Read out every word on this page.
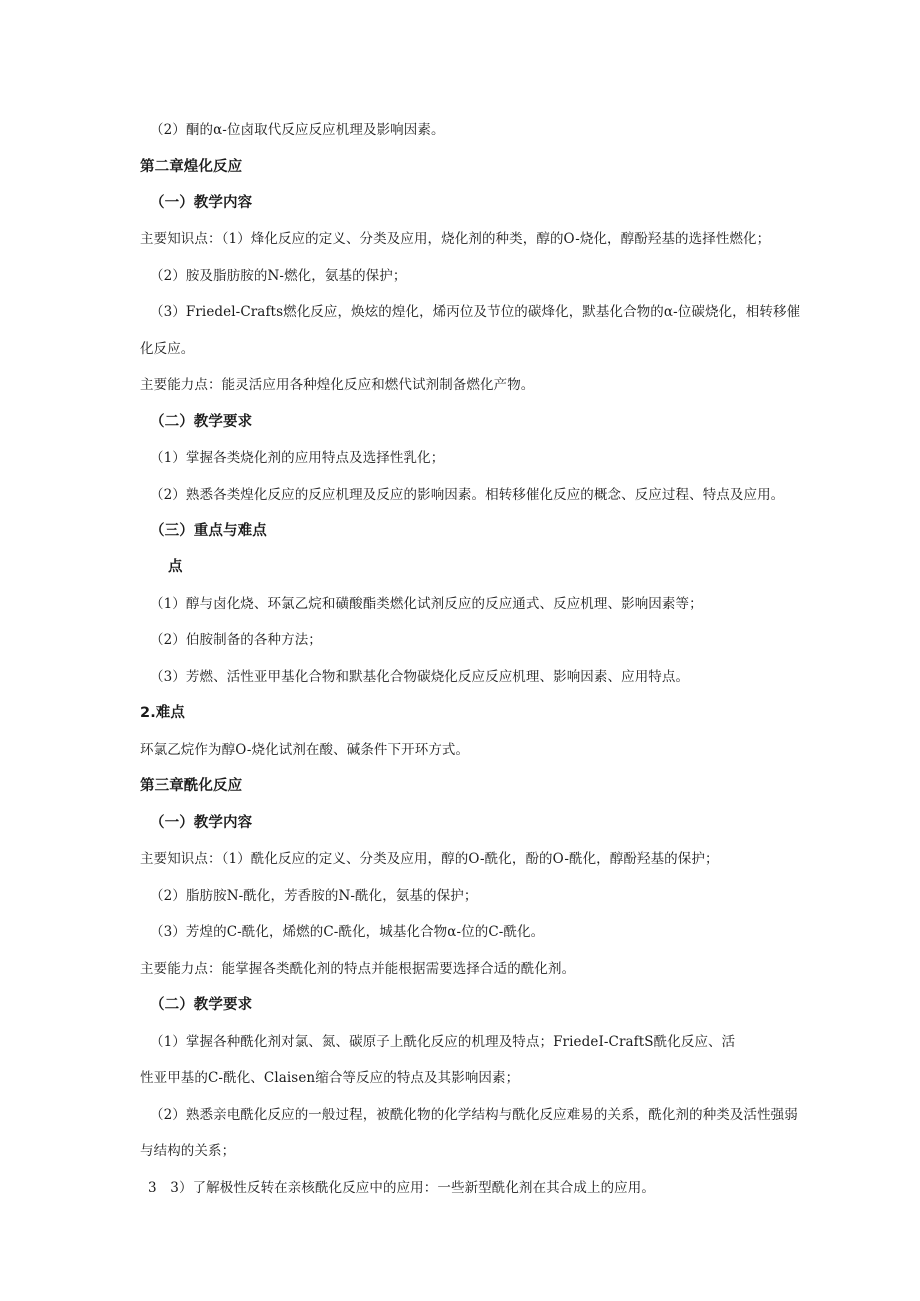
（2）酮的α-位卤取代反应反应机理及影响因素。
第二章煌化反应
（一）教学内容
主要知识点：（1）烽化反应的定义、分类及应用，烧化剂的种类，醇的O-烧化，醇酚羟基的选择性燃化；
（2）胺及脂肪胺的N-燃化，氨基的保护；
（3）Friedel-Crafts燃化反应，焕炫的煌化，烯丙位及节位的碳烽化，默基化合物的α-位碳烧化，相转移催
化反应。
主要能力点：能灵活应用各种煌化反应和燃代试剂制备燃化产物。
（二）教学要求
（1）掌握各类烧化剂的应用特点及选择性乳化；
（2）熟悉各类煌化反应的反应机理及反应的影响因素。相转移催化反应的概念、反应过程、特点及应用。
（三）重点与难点
点
（1）醇与卤化烧、环氯乙烷和磺酸酯类燃化试剂反应的反应通式、反应机理、影响因素等；
（2）伯胺制备的各种方法；
（3）芳燃、活性亚甲基化合物和默基化合物碳烧化反应反应机理、影响因素、应用特点。
2.难点
环氯乙烷作为醇O-烧化试剂在酸、碱条件下开环方式。
第三章酰化反应
（一）教学内容
主要知识点：（1）酰化反应的定义、分类及应用，醇的O-酰化，酚的O-酰化，醇酚羟基的保护；
（2）脂肪胺N-酰化，芳香胺的N-酰化，氨基的保护；
（3）芳煌的C-酰化，烯燃的C-酰化，城基化合物α-位的C-酰化。
主要能力点：能掌握各类酰化剂的特点并能根据需要选择合适的酰化剂。
（二）教学要求
（1）掌握各种酰化剂对氯、氮、碳原子上酰化反应的机理及特点；FriedeI-CraftS酰化反应、活
性亚甲基的C-酰化、Claisen缩合等反应的特点及其影响因素；
（2）熟悉亲电酰化反应的一般过程，被酰化物的化学结构与酰化反应难易的关系，酰化剂的种类及活性强弱
与结构的关系；
3　3）了解极性反转在亲核酰化反应中的应用：一些新型酰化剂在其合成上的应用。
